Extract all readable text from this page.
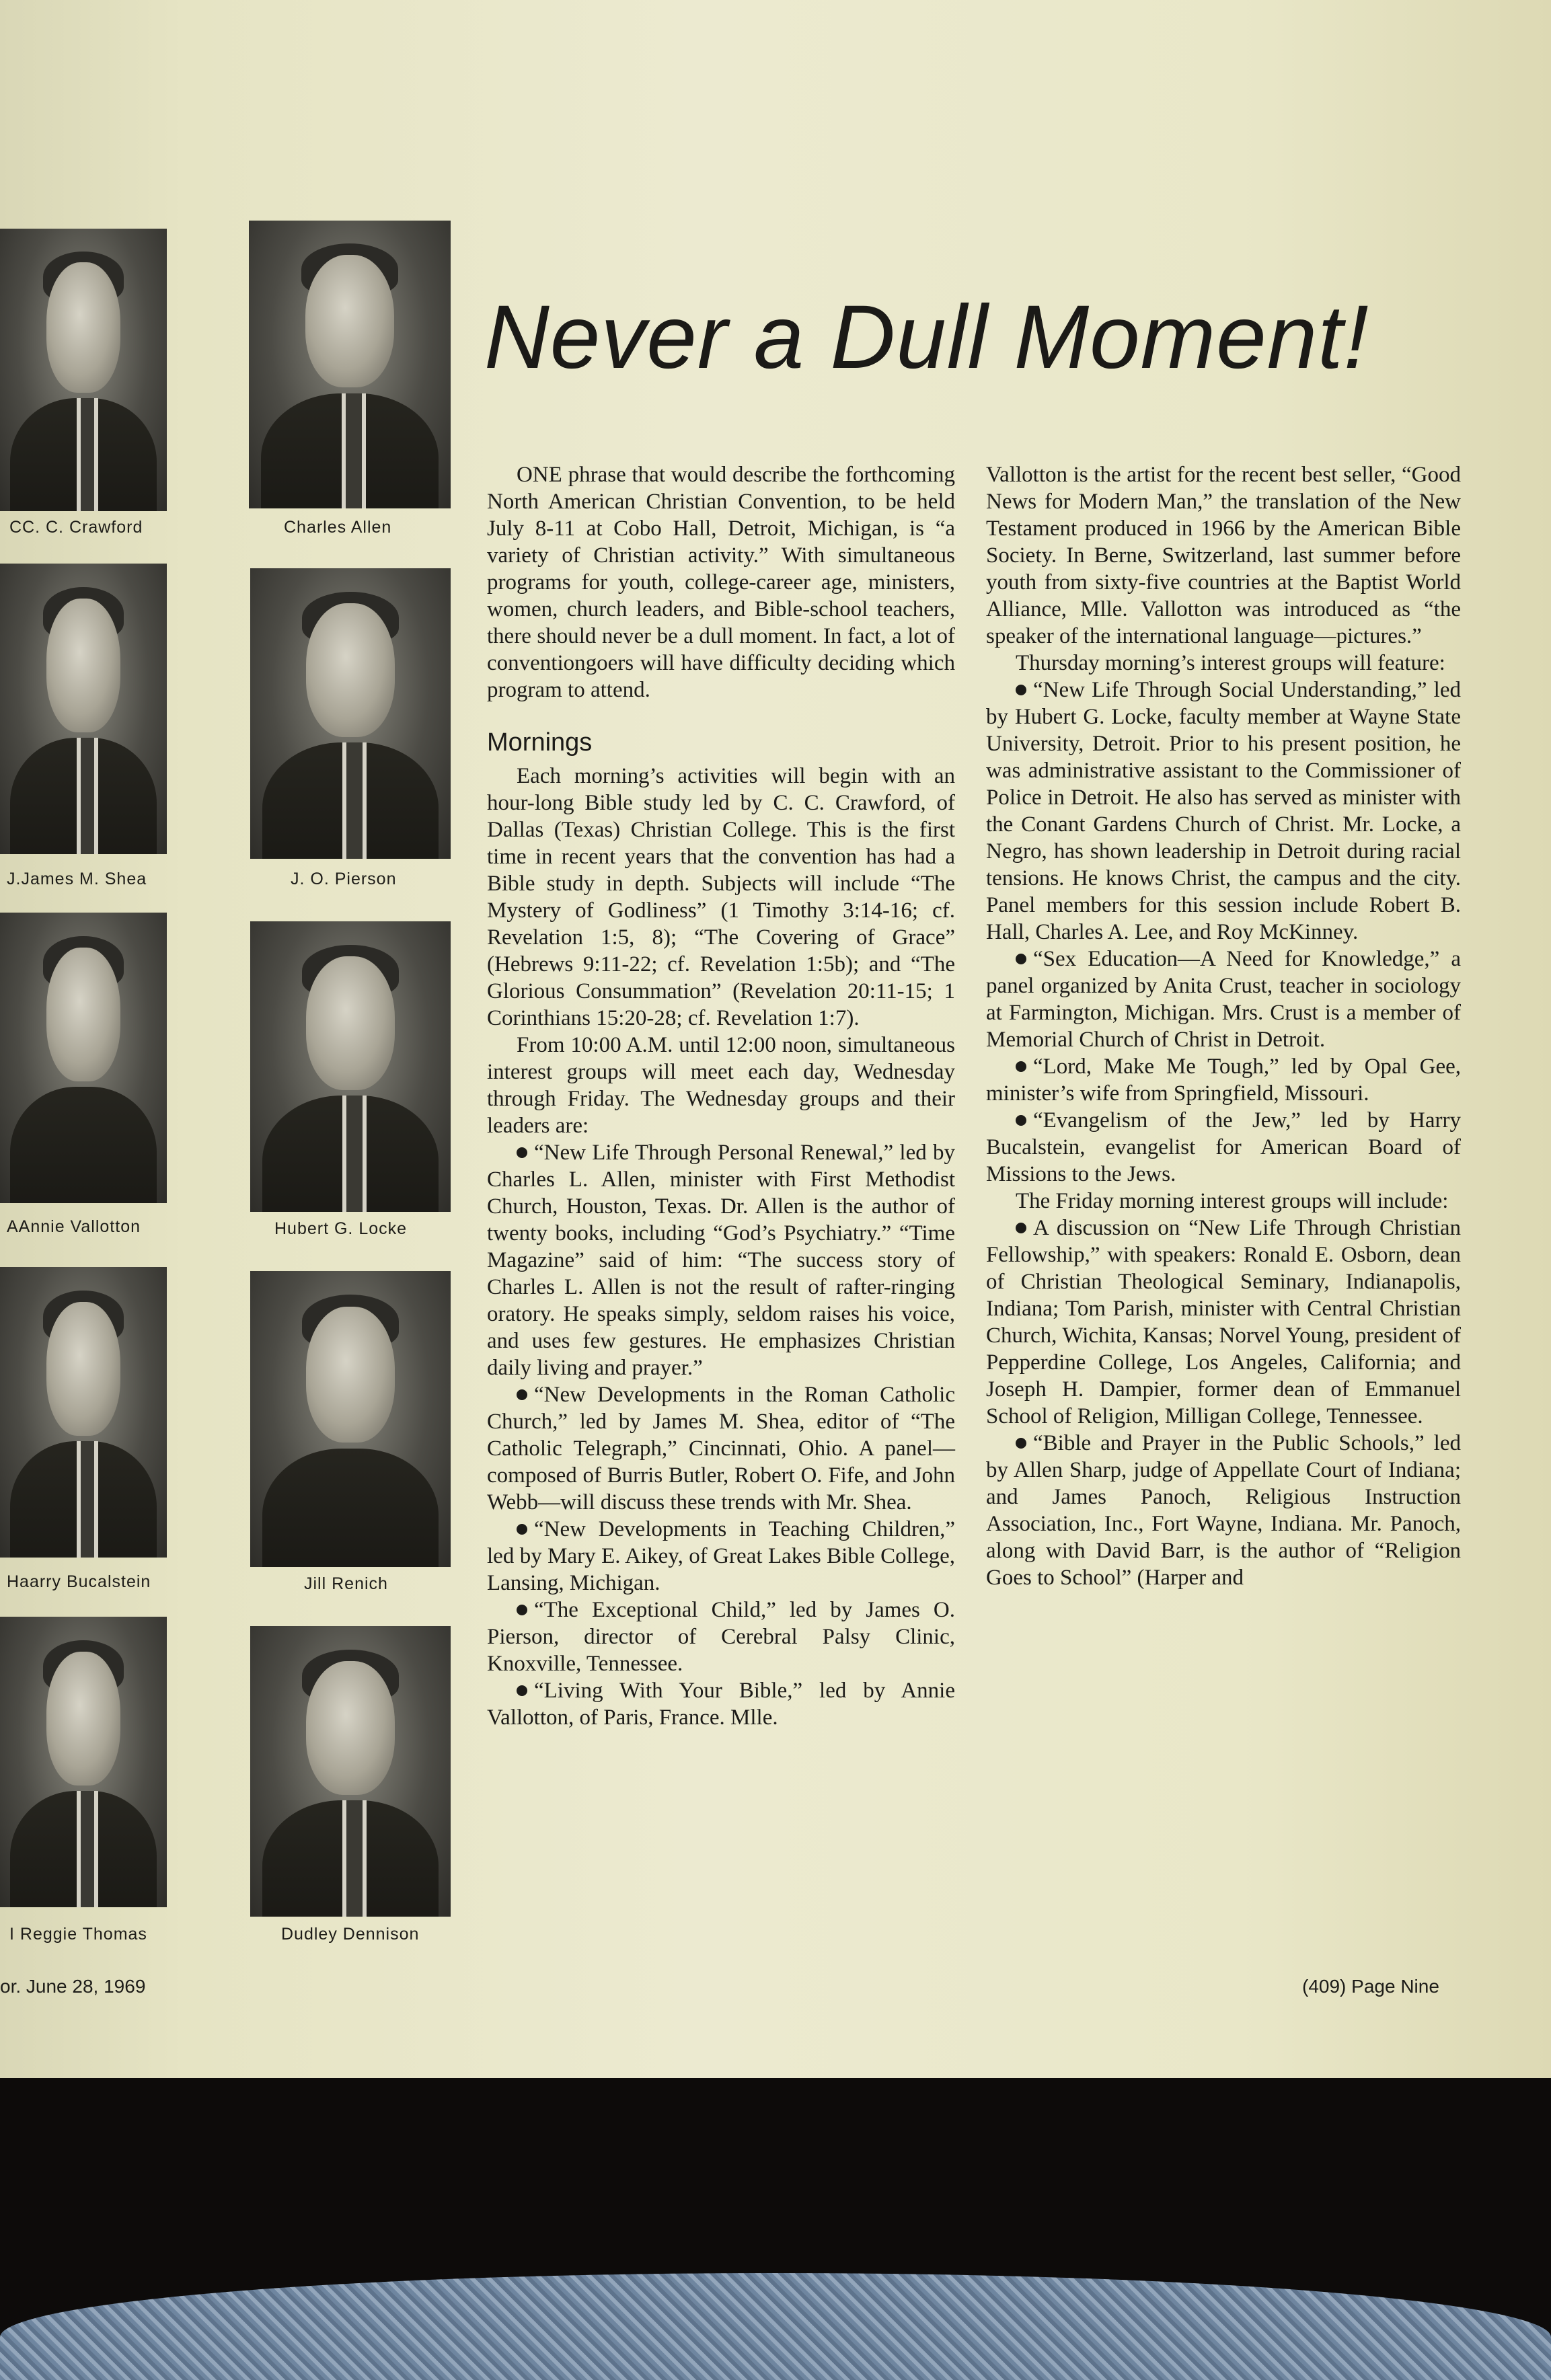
CC. C. Crawford
J.James M. Shea
AAnnie Vallotton
Haarry Bucalstein
I Reggie Thomas
Charles Allen
J. O. Pierson
Hubert G. Locke
Jill Renich
Dudley Dennison
Never a Dull Moment!

ONE phrase that would describe the forthcoming North American Christian Convention, to be held July 8-11 at Cobo Hall, Detroit, Michigan, is “a variety of Christian activity.” With simultaneous programs for youth, college-career age, ministers, women, church leaders, and Bible-school teachers, there should never be a dull moment. In fact, a lot of conventiongoers will have difficulty deciding which program to attend.

Mornings

Each morning’s activities will begin with an hour-long Bible study led by C. C. Crawford, of Dallas (Texas) Christian College. This is the first time in recent years that the convention has had a Bible study in depth. Subjects will include “The Mystery of Godliness” (1 Timothy 3:14-16; cf. Revelation 1:5, 8); “The Covering of Grace” (Hebrews 9:11-22; cf. Revelation 1:5b); and “The Glorious Consummation” (Revelation 20:11-15; 1 Corinthians 15:20-28; cf. Revelation 1:7).

From 10:00 A.M. until 12:00 noon, simultaneous interest groups will meet each day, Wednesday through Friday. The Wednesday groups and their leaders are:

“New Life Through Personal Renewal,” led by Charles L. Allen, minister with First Methodist Church, Houston, Texas. Dr. Allen is the author of twenty books, including “God’s Psychiatry.” “Time Magazine” said of him: “The success story of Charles L. Allen is not the result of rafter-ringing oratory. He speaks simply, seldom raises his voice, and uses few gestures. He emphasizes Christian daily living and prayer.”

“New Developments in the Roman Catholic Church,” led by James M. Shea, editor of “The Catholic Telegraph,” Cincinnati, Ohio. A panel—composed of Burris Butler, Robert O. Fife, and John Webb—will discuss these trends with Mr. Shea.

“New Developments in Teaching Children,” led by Mary E. Aikey, of Great Lakes Bible College, Lansing, Michigan.

“The Exceptional Child,” led by James O. Pierson, director of Cerebral Palsy Clinic, Knoxville, Tennessee.

“Living With Your Bible,” led by Annie Vallotton, of Paris, France. Mlle.

Vallotton is the artist for the recent best seller, “Good News for Modern Man,” the translation of the New Testament produced in 1966 by the American Bible Society. In Berne, Switzerland, last summer before youth from sixty-five countries at the Baptist World Alliance, Mlle. Vallotton was introduced as “the speaker of the international language—pictures.”

Thursday morning’s interest groups will feature:

“New Life Through Social Understanding,” led by Hubert G. Locke, faculty member at Wayne State University, Detroit. Prior to his present position, he was administrative assistant to the Commissioner of Police in Detroit. He also has served as minister with the Conant Gardens Church of Christ. Mr. Locke, a Negro, has shown leadership in Detroit during racial tensions. He knows Christ, the campus and the city. Panel members for this session include Robert B. Hall, Charles A. Lee, and Roy McKinney.

“Sex Education—A Need for Knowledge,” a panel organized by Anita Crust, teacher in sociology at Farmington, Michigan. Mrs. Crust is a member of Memorial Church of Christ in Detroit.

“Lord, Make Me Tough,” led by Opal Gee, minister’s wife from Springfield, Missouri.

“Evangelism of the Jew,” led by Harry Bucalstein, evangelist for American Board of Missions to the Jews.

The Friday morning interest groups will include:

A discussion on “New Life Through Christian Fellowship,” with speakers: Ronald E. Osborn, dean of Christian Theological Seminary, Indianapolis, Indiana; Tom Parish, minister with Central Christian Church, Wichita, Kansas; Norvel Young, president of Pepperdine College, Los Angeles, California; and Joseph H. Dampier, former dean of Emmanuel School of Religion, Milligan College, Tennessee.

“Bible and Prayer in the Public Schools,” led by Allen Sharp, judge of Appellate Court of Indiana; and James Panoch, Religious Instruction Association, Inc., Fort Wayne, Indiana. Mr. Panoch, along with David Barr, is the author of “Religion Goes to School” (Harper and

or. June 28, 1969	(409) Page Nine
